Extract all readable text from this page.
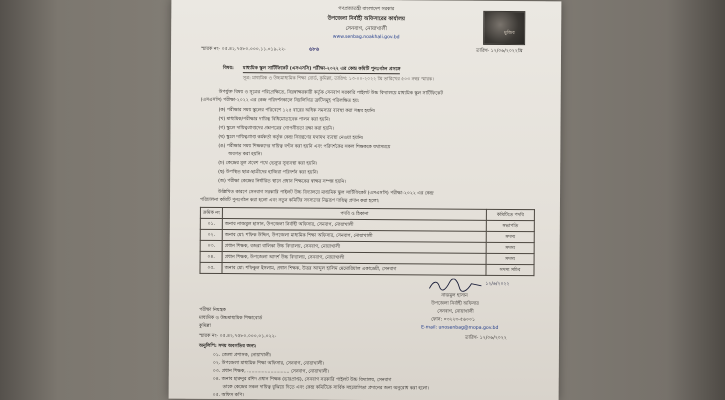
গণপ্রজাতন্ত্রী বাংলাদেশ সরকার
উপজেলা নির্বাহী অফিসারের কার্যালয়
সেনবাগ, নোয়াখালী
www.senbag.noakhali.gov.bd
মুজিব
স্মারক নং- ০৫.৪২.৭৫৮০.০০০.১১.০১৯.২২-	৬৮৬	তারিখ- ১২/০৬/২০২২খ্রি
বিষয়: মাধ্যমিক স্কুল সার্টিফিকেট (এসএসসি) পরীক্ষা-২০২২ এর কেন্দ্র কমিটি পুনঃগঠন প্রসঙ্গে
সূত্র: মাধ্যমিক ও উচ্চমাধ্যমিক শিক্ষা বোর্ড, কুমিল্লা, তারিখ: ১৩-০০-২০২২ খ্রি তারিখের ৫০৩ নম্বর স্মারক।
উপর্যুক্ত বিষয় ও সূত্রের পরিপ্রেক্ষিতে, নিম্নস্বাক্ষরকারী কর্তৃক সেনবাগ সরকারি পাইলট উচ্চ বিদ্যালয়ে মাধ্যমিক স্কুল সার্টিফিকেট
(এসএসসি) পরীক্ষা-২০২২ এর কেন্দ্র পরিদর্শনকালে নিম্নলিখিত ত্রুটিসমূহ পরিলক্ষিত হয়:
(ক) পরীক্ষার সময় স্কুলের পরিবেশে ১২৫ বারের অধিক সমস্যার ব্যবস্থা করা সম্ভব হয়নি।
(খ) মাধ্যমিক/পরীক্ষার দায়িত্ব বিধিমোতাবেক পালন করা হয়নি।
(গ) স্কুলে দায়িত্বপ্রাপ্তদের প্রশ্নপত্রের গোপনীয়তা রক্ষা করা হয়নি।
(ঘ) স্কুলে দায়িত্বপ্রাপ্ত কর্মকর্তা কর্তৃক কেন্দ্র নিয়ন্ত্রণের যথাযথ ব্যবস্থা নেওয়া হয়নি।
(ঙ) পরীক্ষার সময় শিক্ষকদের দায়িত্ব বণ্টন করা হয়নি এবং পরিদর্শকের সকল শিক্ষককে যথাসময়ে
অবগত করা হয়নি।
(চ) কেন্দ্রের মূল প্রবেশ পথে ভেন্যুর সুব্যবস্থা করা হয়নি।
(ছ) উপস্থিত ছাত্র-ছাত্রীদের হাজিরা পরিদর্শন করা হয়নি।
(জ) পরীক্ষা কেন্দ্রের নির্ধারিত স্থানে প্রধান শিক্ষকের স্বাক্ষর সম্পন্ন হয়নি।
উল্লিখিত কারণে সেনবাগ সরকারি পাইলট উচ্চ বিদ্যালয়ে মাধ্যমিক স্কুল সার্টিফিকেট (এসএসসি) পরীক্ষা-২০২২ এর কেন্দ্র
পরিচালনা কমিটি পুনঃগঠন করা হলো এবং নতুন কমিটির সদস্যদের নিম্নরূপ দায়িত্ব প্রদান করা হলো:
ক্রমিক নং	পদবি ও ঠিকানা	কমিটিতে পদবি
০১.	জনাব নাজমুল হাসান, উপজেলা নির্বাহী অফিসার, সেনবাগ, নোয়াখালী	সভাপতি
০২.	জনাব মো: শফিক উদ্দিন, উপজেলা মাধ্যমিক শিক্ষা অফিসার, সেনবাগ, নোয়াখালী	সদস্য
০৩.	প্রধান শিক্ষক, বজরা বালিকা উচ্চ বিদ্যালয়, সেনবাগ, নোয়াখালী	সদস্য
০৪.	প্রধান শিক্ষক, উপজেলা আদর্শ উচ্চ বিদ্যালয়, সেনবাগ, নোয়াখালী	সদস্য
০৫.	জনাব মো: শফিকুল ইসলাম, প্রধান শিক্ষক, উত্তর আব্দুল হালিম মেমোরিয়াল একাডেমী, সেনবাগ	সদস্য সচিব
১২/৬/২০২২
নাজমুল হাসান
উপজেলা নির্বাহী অফিসার
সেনবাগ, নোয়াখালী
ফোন: ০৩২২৩-৫৬০০১
E-mail: unosenbag@mopa.gov.bd
পরীক্ষা নিয়ন্ত্রক
মাধ্যমিক ও উচ্চমাধ্যমিক শিক্ষাবোর্ড
কুমিল্লা
স্মারক নং- ০৫.৪২.৭৫৮০.০০০.০১.০২২-	তারিখ- ১২/০৬/২০২২
অনুলিপি: সদয় অবগতির জন্য:
০১. জেলা প্রশাসক, নোয়াখালী।
০২. উপজেলা মাধ্যমিক শিক্ষা অফিসার, সেনবাগ, নোয়াখালী।
০৩. প্রধান শিক্ষক, ............................. সেনবাগ, নোয়াখালী।
০৪. জনাব হারুনুর রশিদ প্রধান শিক্ষক (ভারপ্রাপ্ত), সেনবাগ সরকারি পাইলট উচ্চ বিদ্যালয়, সেনবাগ
তাকে কেন্দ্রের সকল দায়িত্ব বুঝিয়ে দিতে এবং কেন্দ্র কমিটিকে সার্বিক সহযোগিতা প্রদানের জন্য অনুরোধ করা হলো।
০৫. অফিস কপি।
